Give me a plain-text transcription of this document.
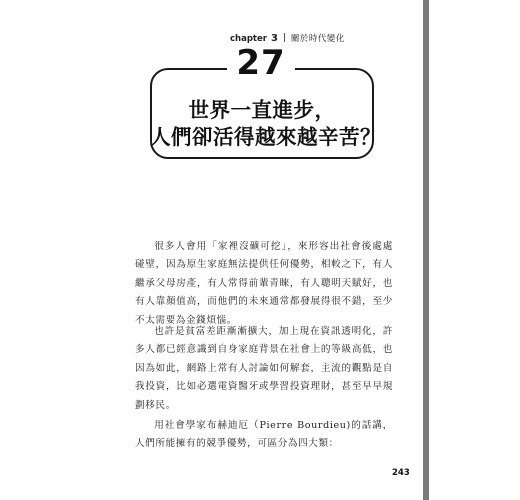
chapter 3 關於時代變化
27
世界一直進步，
人們卻活得越來越辛苦？
很多人會用「家裡沒礦可挖」，來形容出社會後處處碰壁，因為原生家庭無法提供任何優勢，相較之下，有人繼承父母房產，有人常得前輩青睞，有人聰明天賦好，也有人靠顏值高，而他們的未來通常都發展得很不錯，至少不太需要為金錢煩惱。
也許是貧富差距漸漸擴大，加上現在資訊透明化，許多人都已經意識到自身家庭背景在社會上的等級高低，也因為如此，網路上常有人討論如何解套，主流的觀點是自我投資，比如必選電資醫牙或學習投資理財，甚至早早規劃移民。
用社會學家布赫迪厄（Pierre Bourdieu)的話講，人們所能擁有的競爭優勢，可區分為四大類：
243
